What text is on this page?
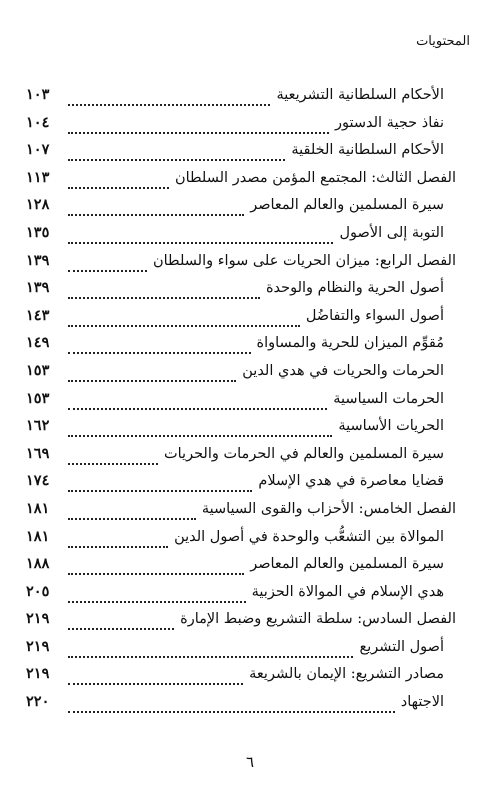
المحتويات
الأحكام السلطانية التشريعية
١٠٣
نفاذ حجية الدستور
١٠٤
الأحكام السلطانية الخلقية
١٠٧
الفصل الثالث: المجتمع المؤمن مصدر السلطان
١١٣
سيرة المسلمين والعالم المعاصر
١٢٨
التوبة إلى الأصول
١٣٥
الفصل الرابع: ميزان الحريات على سواء والسلطان
١٣٩
أصول الحرية والنظام والوحدة
١٣٩
أصول السواء والتفاضُل
١٤٣
مُقوِّم الميزان للحرية والمساواة
١٤٩
الحرمات والحريات في هدي الدين
١٥٣
الحرمات السياسية
١٥٣
الحريات الأساسية
١٦٢
سيرة المسلمين والعالم في الحرمات والحريات
١٦٩
قضايا معاصرة في هدي الإسلام
١٧٤
الفصل الخامس: الأحزاب والقوى السياسية
١٨١
الموالاة بين التشعُّب والوحدة في أصول الدين
١٨١
سيرة المسلمين والعالم المعاصر
١٨٨
هدي الإسلام في الموالاة الحزبية
٢٠٥
الفصل السادس: سلطة التشريع وضبط الإمارة
٢١٩
أصول التشريع
٢١٩
مصادر التشريع: الإيمان بالشريعة
٢١٩
الاجتهاد
٢٢٠
٦
